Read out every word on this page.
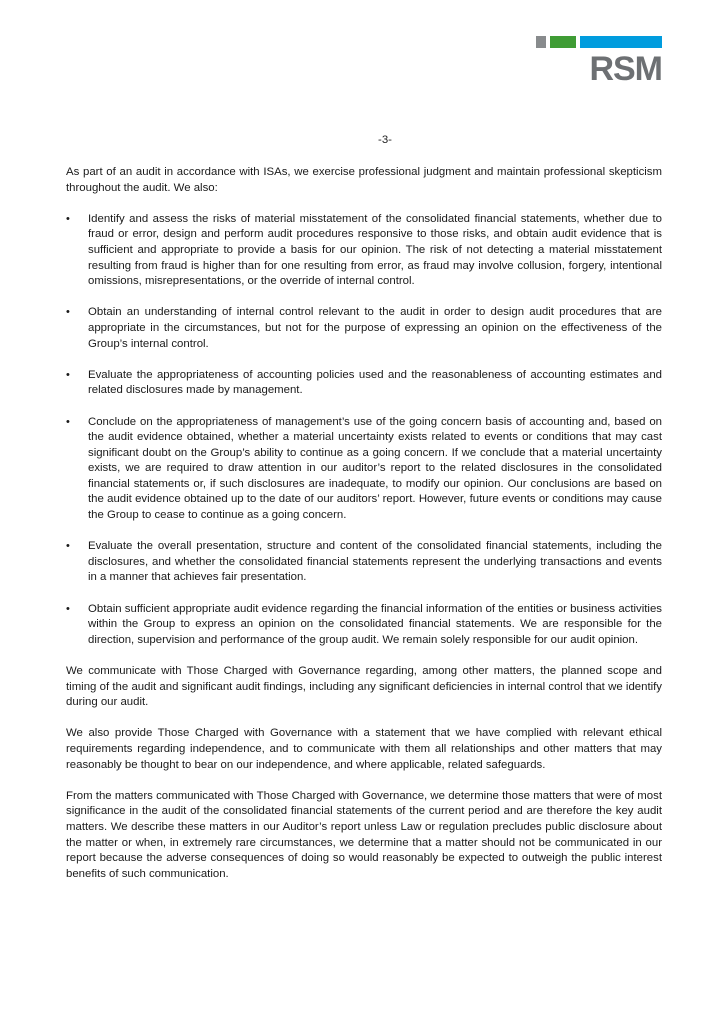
RSM
-3-

As part of an audit in accordance with ISAs, we exercise professional judgment and maintain professional skepticism throughout the audit. We also:

•	Identify and assess the risks of material misstatement of the consolidated financial statements, whether due to fraud or error, design and perform audit procedures responsive to those risks, and obtain audit evidence that is sufficient and appropriate to provide a basis for our opinion. The risk of not detecting a material misstatement resulting from fraud is higher than for one resulting from error, as fraud may involve collusion, forgery, intentional omissions, misrepresentations, or the override of internal control.
•	Obtain an understanding of internal control relevant to the audit in order to design audit procedures that are appropriate in the circumstances, but not for the purpose of expressing an opinion on the effectiveness of the Group’s internal control.
•	Evaluate the appropriateness of accounting policies used and the reasonableness of accounting estimates and related disclosures made by management.
•	Conclude on the appropriateness of management’s use of the going concern basis of accounting and, based on the audit evidence obtained, whether a material uncertainty exists related to events or conditions that may cast significant doubt on the Group’s ability to continue as a going concern. If we conclude that a material uncertainty exists, we are required to draw attention in our auditor’s report to the related disclosures in the consolidated financial statements or, if such disclosures are inadequate, to modify our opinion. Our conclusions are based on the audit evidence obtained up to the date of our auditors’ report. However, future events or conditions may cause the Group to cease to continue as a going concern.
•	Evaluate the overall presentation, structure and content of the consolidated financial statements, including the disclosures, and whether the consolidated financial statements represent the underlying transactions and events in a manner that achieves fair presentation.
•	Obtain sufficient appropriate audit evidence regarding the financial information of the entities or business activities within the Group to express an opinion on the consolidated financial statements. We are responsible for the direction, supervision and performance of the group audit. We remain solely responsible for our audit opinion.

We communicate with Those Charged with Governance regarding, among other matters, the planned scope and timing of the audit and significant audit findings, including any significant deficiencies in internal control that we identify during our audit.

We also provide Those Charged with Governance with a statement that we have complied with relevant ethical requirements regarding independence, and to communicate with them all relationships and other matters that may reasonably be thought to bear on our independence, and where applicable, related safeguards.

From the matters communicated with Those Charged with Governance, we determine those matters that were of most significance in the audit of the consolidated financial statements of the current period and are therefore the key audit matters. We describe these matters in our Auditor’s report unless Law or regulation precludes public disclosure about the matter or when, in extremely rare circumstances, we determine that a matter should not be communicated in our report because the adverse consequences of doing so would reasonably be expected to outweigh the public interest benefits of such communication.
